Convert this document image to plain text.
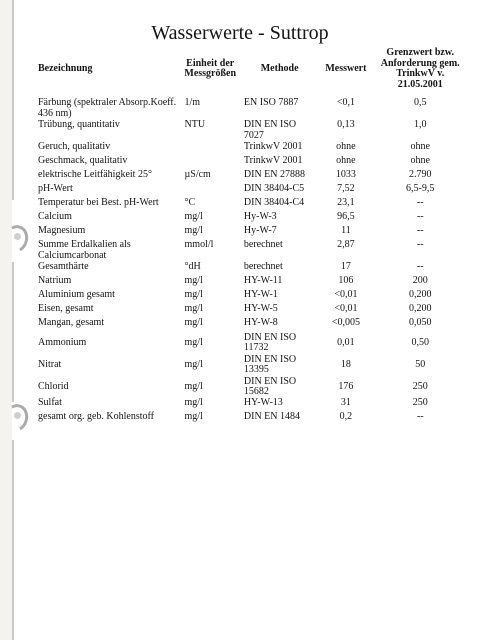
Wasserwerte - Suttrop
Bezeichnung	Einheit der Messgrößen	Methode	Messwert	Grenzwert bzw. Anforderung gem. TrinkwV v. 21.05.2001
Färbung (spektraler Absorp.Koeff. 436 nm)	1/m	EN ISO 7887	<0,1	0,5
Trübung, quantitativ	NTU	DIN EN ISO 7027	0,13	1,0
Geruch, qualitativ		TrinkwV 2001	ohne	ohne
Geschmack, qualitativ		TrinkwV 2001	ohne	ohne
elektrische Leitfähigkeit 25°	µS/cm	DIN EN 27888	1033	2.790
pH-Wert		DIN 38404-C5	7,52	6,5-9,5
Temperatur bei Best. pH-Wert	°C	DIN 38404-C4	23,1	--
Calcium	mg/l	Hy-W-3	96,5	--
Magnesium	mg/l	Hy-W-7	11	--
Summe Erdalkalien als Calciumcarbonat	mmol/l	berechnet	2,87	--
Gesamthärte	°dH	berechnet	17	--
Natrium	mg/l	HY-W-11	106	200
Aluminium gesamt	mg/l	HY-W-1	<0,01	0,200
Eisen, gesamt	mg/l	HY-W-5	<0,01	0,200
Mangan, gesamt	mg/l	HY-W-8	<0,005	0,050
Ammonium	mg/l	DIN EN ISO 11732	0,01	0,50
Nitrat	mg/l	DIN EN ISO 13395	18	50
Chlorid	mg/l	DIN EN ISO 15682	176	250
Sulfat	mg/l	HY-W-13	31	250
gesamt org. geb. Kohlenstoff	mg/l	DIN EN 1484	0,2	--
